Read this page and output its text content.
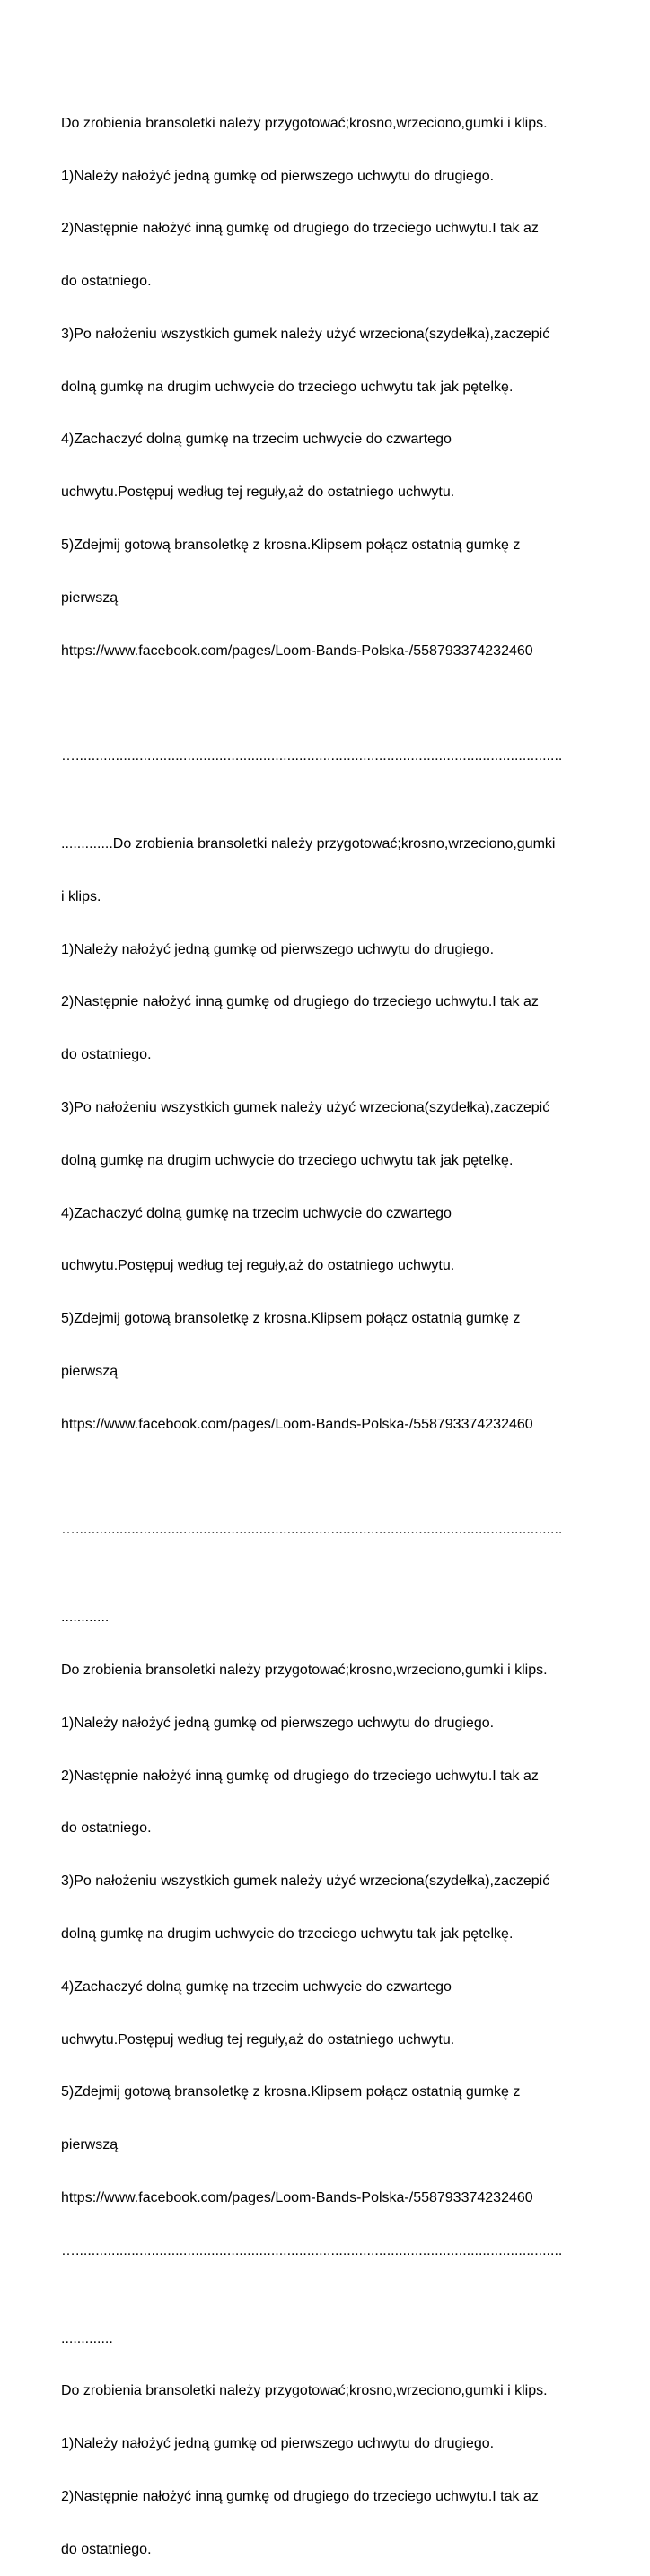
Do zrobienia bransoletki należy przygotować;krosno,wrzeciono,gumki i klips.

1)Należy nałożyć jedną gumkę od pierwszego uchwytu do drugiego.

2)Następnie nałożyć inną gumkę od drugiego do trzeciego uchwytu.I tak az

do ostatniego.

3)Po nałożeniu wszystkich gumek należy użyć wrzeciona(szydełka),zaczepić

dolną gumkę na drugim uchwycie do trzeciego uchwytu tak jak pętelkę.

4)Zachaczyć dolną gumkę na trzecim uchwycie do czwartego

uchwytu.Postępuj według tej reguły,aż do ostatniego uchwytu.

5)Zdejmij gotową bransoletkę z krosna.Klipsem połącz ostatnią gumkę z

pierwszą

https://www.facebook.com/pages/Loom-Bands-Polska-/558793374232460

…..........................................................................................................................

.............Do zrobienia bransoletki należy przygotować;krosno,wrzeciono,gumki

i klips.

1)Należy nałożyć jedną gumkę od pierwszego uchwytu do drugiego.

2)Następnie nałożyć inną gumkę od drugiego do trzeciego uchwytu.I tak az

do ostatniego.

3)Po nałożeniu wszystkich gumek należy użyć wrzeciona(szydełka),zaczepić

dolną gumkę na drugim uchwycie do trzeciego uchwytu tak jak pętelkę.

4)Zachaczyć dolną gumkę na trzecim uchwycie do czwartego

uchwytu.Postępuj według tej reguły,aż do ostatniego uchwytu.

5)Zdejmij gotową bransoletkę z krosna.Klipsem połącz ostatnią gumkę z

pierwszą

https://www.facebook.com/pages/Loom-Bands-Polska-/558793374232460

…..........................................................................................................................

............

Do zrobienia bransoletki należy przygotować;krosno,wrzeciono,gumki i klips.

1)Należy nałożyć jedną gumkę od pierwszego uchwytu do drugiego.

2)Następnie nałożyć inną gumkę od drugiego do trzeciego uchwytu.I tak az

do ostatniego.

3)Po nałożeniu wszystkich gumek należy użyć wrzeciona(szydełka),zaczepić

dolną gumkę na drugim uchwycie do trzeciego uchwytu tak jak pętelkę.

4)Zachaczyć dolną gumkę na trzecim uchwycie do czwartego

uchwytu.Postępuj według tej reguły,aż do ostatniego uchwytu.

5)Zdejmij gotową bransoletkę z krosna.Klipsem połącz ostatnią gumkę z

pierwszą

https://www.facebook.com/pages/Loom-Bands-Polska-/558793374232460

…..........................................................................................................................

.............

Do zrobienia bransoletki należy przygotować;krosno,wrzeciono,gumki i klips.

1)Należy nałożyć jedną gumkę od pierwszego uchwytu do drugiego.

2)Następnie nałożyć inną gumkę od drugiego do trzeciego uchwytu.I tak az

do ostatniego.
